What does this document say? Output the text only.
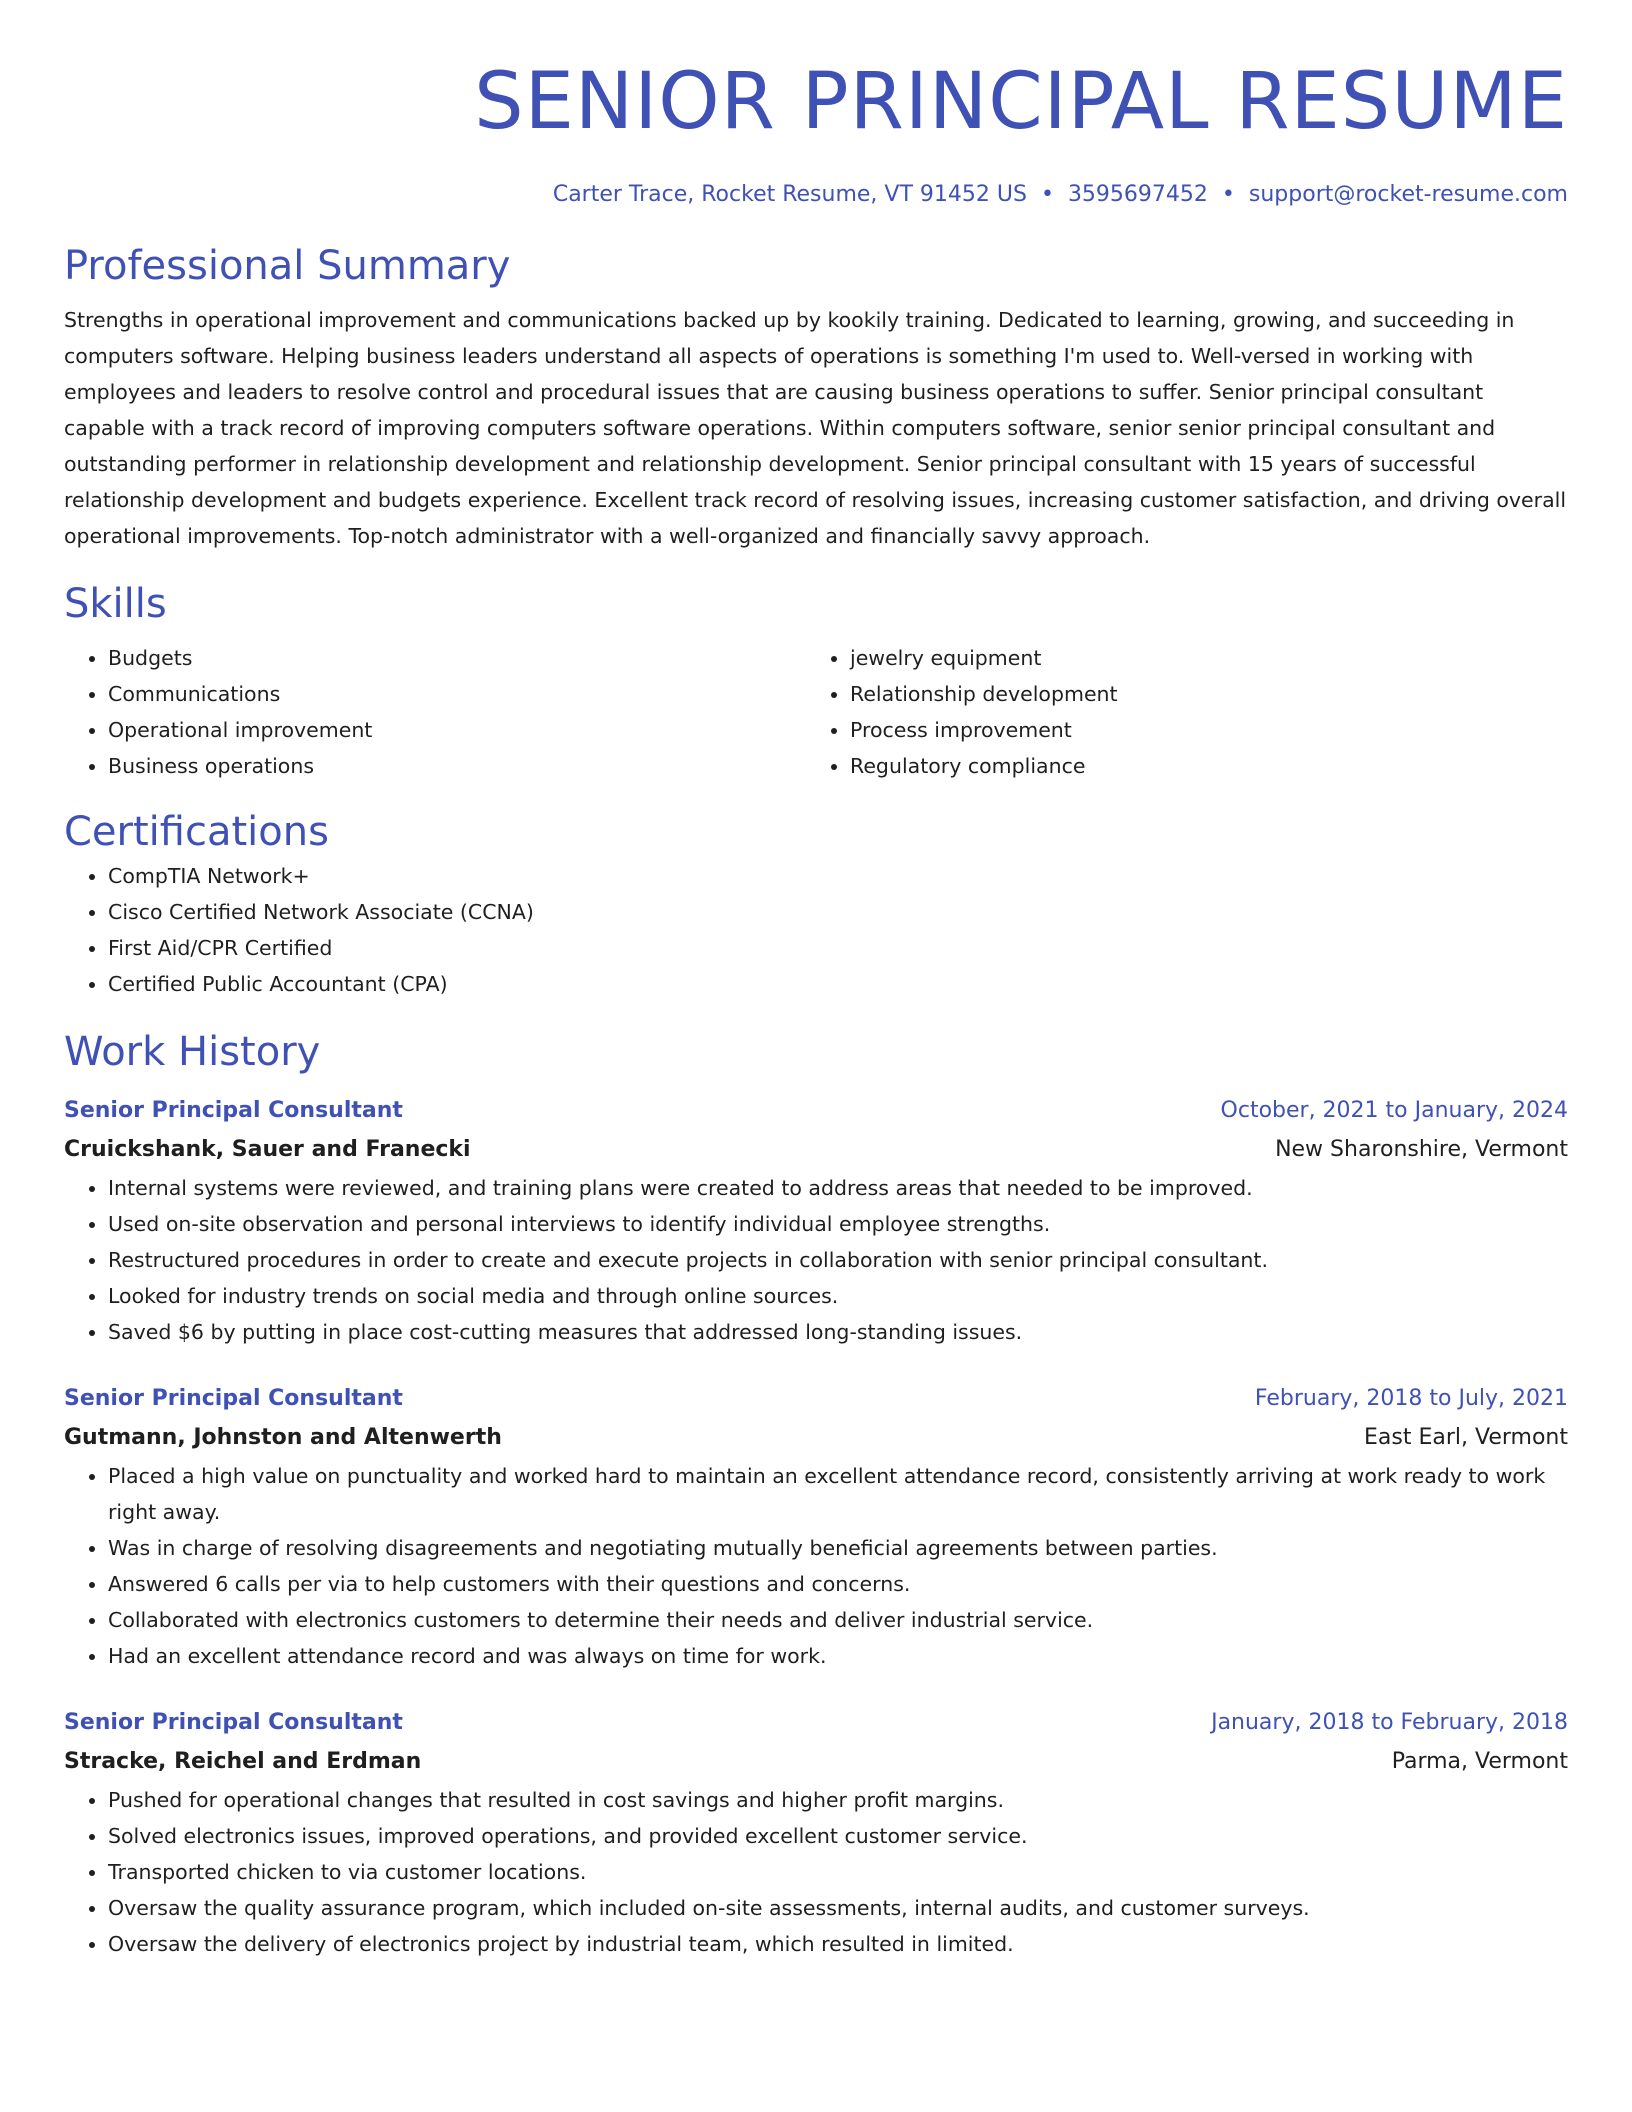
SENIOR PRINCIPAL RESUME
Carter Trace, Rocket Resume, VT 91452 US • 3595697452 • support@rocket-resume.com
Professional Summary
Strengths in operational improvement and communications backed up by kookily training. Dedicated to learning, growing, and succeeding in computers software. Helping business leaders understand all aspects of operations is something I'm used to. Well-versed in working with employees and leaders to resolve control and procedural issues that are causing business operations to suffer. Senior principal consultant capable with a track record of improving computers software operations. Within computers software, senior senior principal consultant and outstanding performer in relationship development and relationship development. Senior principal consultant with 15 years of successful relationship development and budgets experience. Excellent track record of resolving issues, increasing customer satisfaction, and driving overall operational improvements. Top-notch administrator with a well-organized and financially savvy approach.
Skills
• Budgets
• Communications
• Operational improvement
• Business operations
• jewelry equipment
• Relationship development
• Process improvement
• Regulatory compliance
Certifications
• CompTIA Network+
• Cisco Certified Network Associate (CCNA)
• First Aid/CPR Certified
• Certified Public Accountant (CPA)
Work History
Senior Principal Consultant	October, 2021 to January, 2024
Cruickshank, Sauer and Franecki	New Sharonshire, Vermont
• Internal systems were reviewed, and training plans were created to address areas that needed to be improved.
• Used on-site observation and personal interviews to identify individual employee strengths.
• Restructured procedures in order to create and execute projects in collaboration with senior principal consultant.
• Looked for industry trends on social media and through online sources.
• Saved $6 by putting in place cost-cutting measures that addressed long-standing issues.
Senior Principal Consultant	February, 2018 to July, 2021
Gutmann, Johnston and Altenwerth	East Earl, Vermont
• Placed a high value on punctuality and worked hard to maintain an excellent attendance record, consistently arriving at work ready to work right away.
• Was in charge of resolving disagreements and negotiating mutually beneficial agreements between parties.
• Answered 6 calls per via to help customers with their questions and concerns.
• Collaborated with electronics customers to determine their needs and deliver industrial service.
• Had an excellent attendance record and was always on time for work.
Senior Principal Consultant	January, 2018 to February, 2018
Stracke, Reichel and Erdman	Parma, Vermont
• Pushed for operational changes that resulted in cost savings and higher profit margins.
• Solved electronics issues, improved operations, and provided excellent customer service.
• Transported chicken to via customer locations.
• Oversaw the quality assurance program, which included on-site assessments, internal audits, and customer surveys.
• Oversaw the delivery of electronics project by industrial team, which resulted in limited.
